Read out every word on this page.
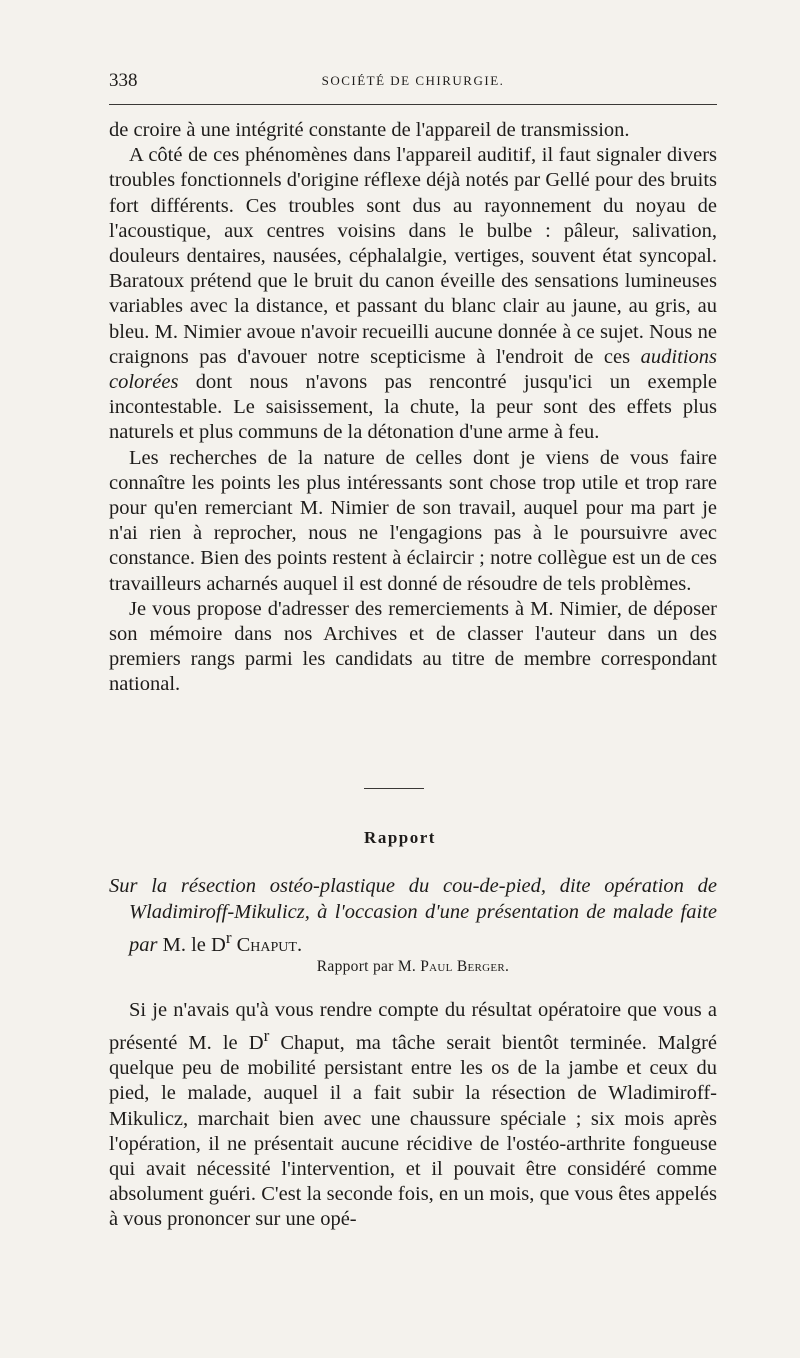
338	SOCIÉTÉ DE CHIRURGIE.

de croire à une intégrité constante de l'appareil de transmission.

A côté de ces phénomènes dans l'appareil auditif, il faut signaler divers troubles fonctionnels d'origine réflexe déjà notés par Gellé pour des bruits fort différents. Ces troubles sont dus au rayonnement du noyau de l'acoustique, aux centres voisins dans le bulbe : pâleur, salivation, douleurs dentaires, nausées, céphalalgie, vertiges, souvent état syncopal. Baratoux prétend que le bruit du canon éveille des sensations lumineuses variables avec la distance, et passant du blanc clair au jaune, au gris, au bleu. M. Nimier avoue n'avoir recueilli aucune donnée à ce sujet. Nous ne craignons pas d'avouer notre scepticisme à l'endroit de ces auditions colorées dont nous n'avons pas rencontré jusqu'ici un exemple incontestable. Le saisissement, la chute, la peur sont des effets plus naturels et plus communs de la détonation d'une arme à feu.

Les recherches de la nature de celles dont je viens de vous faire connaître les points les plus intéressants sont chose trop utile et trop rare pour qu'en remerciant M. Nimier de son travail, auquel pour ma part je n'ai rien à reprocher, nous ne l'engagions pas à le poursuivre avec constance. Bien des points restent à éclaircir ; notre collègue est un de ces travailleurs acharnés auquel il est donné de résoudre de tels problèmes.

Je vous propose d'adresser des remerciements à M. Nimier, de déposer son mémoire dans nos Archives et de classer l'auteur dans un des premiers rangs parmi les candidats au titre de membre correspondant national.

Rapport
Sur la résection ostéo-plastique du cou-de-pied, dite opération de Wladimiroff-Mikulicz, à l'occasion d'une présentation de malade faite par M. le $D^r$ Chaput.
Rapport par M. Paul Berger.

Si je n'avais qu'à vous rendre compte du résultat opératoire que vous a présenté M. le $D^r$ Chaput, ma tâche serait bientôt terminée. Malgré quelque peu de mobilité persistant entre les os de la jambe et ceux du pied, le malade, auquel il a fait subir la résection de Wladimiroff-Mikulicz, marchait bien avec une chaussure spéciale ; six mois après l'opération, il ne présentait aucune récidive de l'ostéo-arthrite fongueuse qui avait nécessité l'intervention, et il pouvait être considéré comme absolument guéri. C'est la seconde fois, en un mois, que vous êtes appelés à vous prononcer sur une opé-
